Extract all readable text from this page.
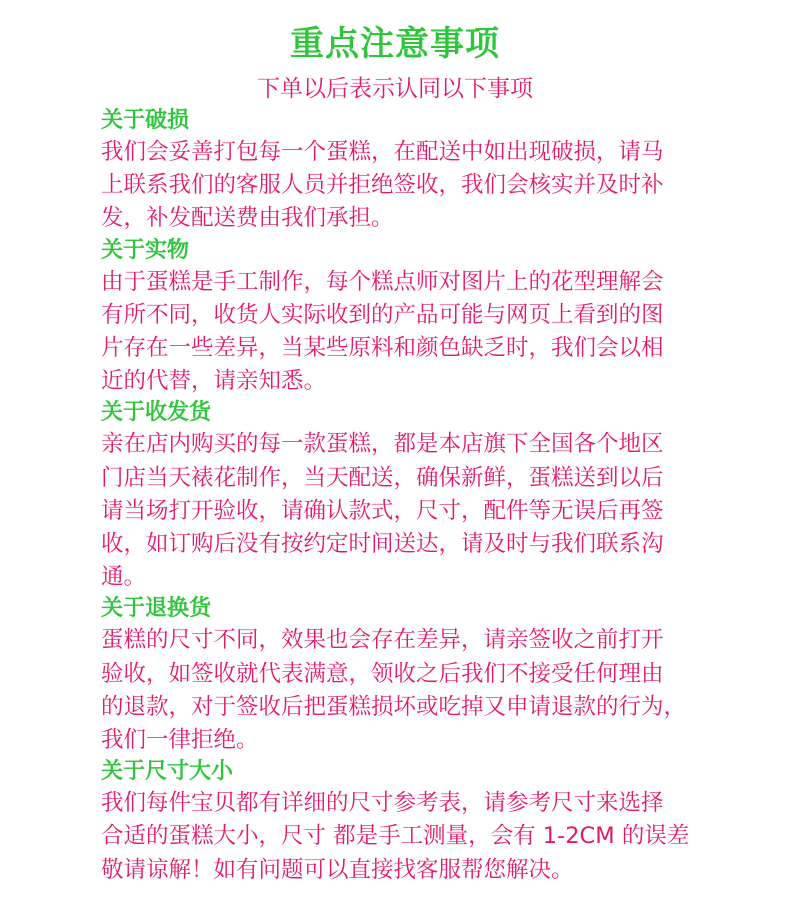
重点注意事项
下单以后表示认同以下事项

关于破损

我们会妥善打包每一个蛋糕，在配送中如出现破损，请马
上联系我们的客服人员并拒绝签收，我们会核实并及时补
发，补发配送费由我们承担。

关于实物

由于蛋糕是手工制作，每个糕点师对图片上的花型理解会
有所不同，收货人实际收到的产品可能与网页上看到的图
片存在一些差异，当某些原料和颜色缺乏时，我们会以相
近的代替，请亲知悉。

关于收发货

亲在店内购买的每一款蛋糕，都是本店旗下全国各个地区
门店当天裱花制作，当天配送，确保新鲜，蛋糕送到以后
请当场打开验收，请确认款式，尺寸，配件等无误后再签
收，如订购后没有按约定时间送达，请及时与我们联系沟
通。

关于退换货

蛋糕的尺寸不同，效果也会存在差异，请亲签收之前打开
验收，如签收就代表满意，领收之后我们不接受任何理由
的退款，对于签收后把蛋糕损坏或吃掉又申请退款的行为，
我们一律拒绝。

关于尺寸大小

我们每件宝贝都有详细的尺寸参考表，请参考尺寸来选择
合适的蛋糕大小，尺寸 都是手工测量，会有 1-2CM 的误差
敬请谅解！如有问题可以直接找客服帮您解决。
